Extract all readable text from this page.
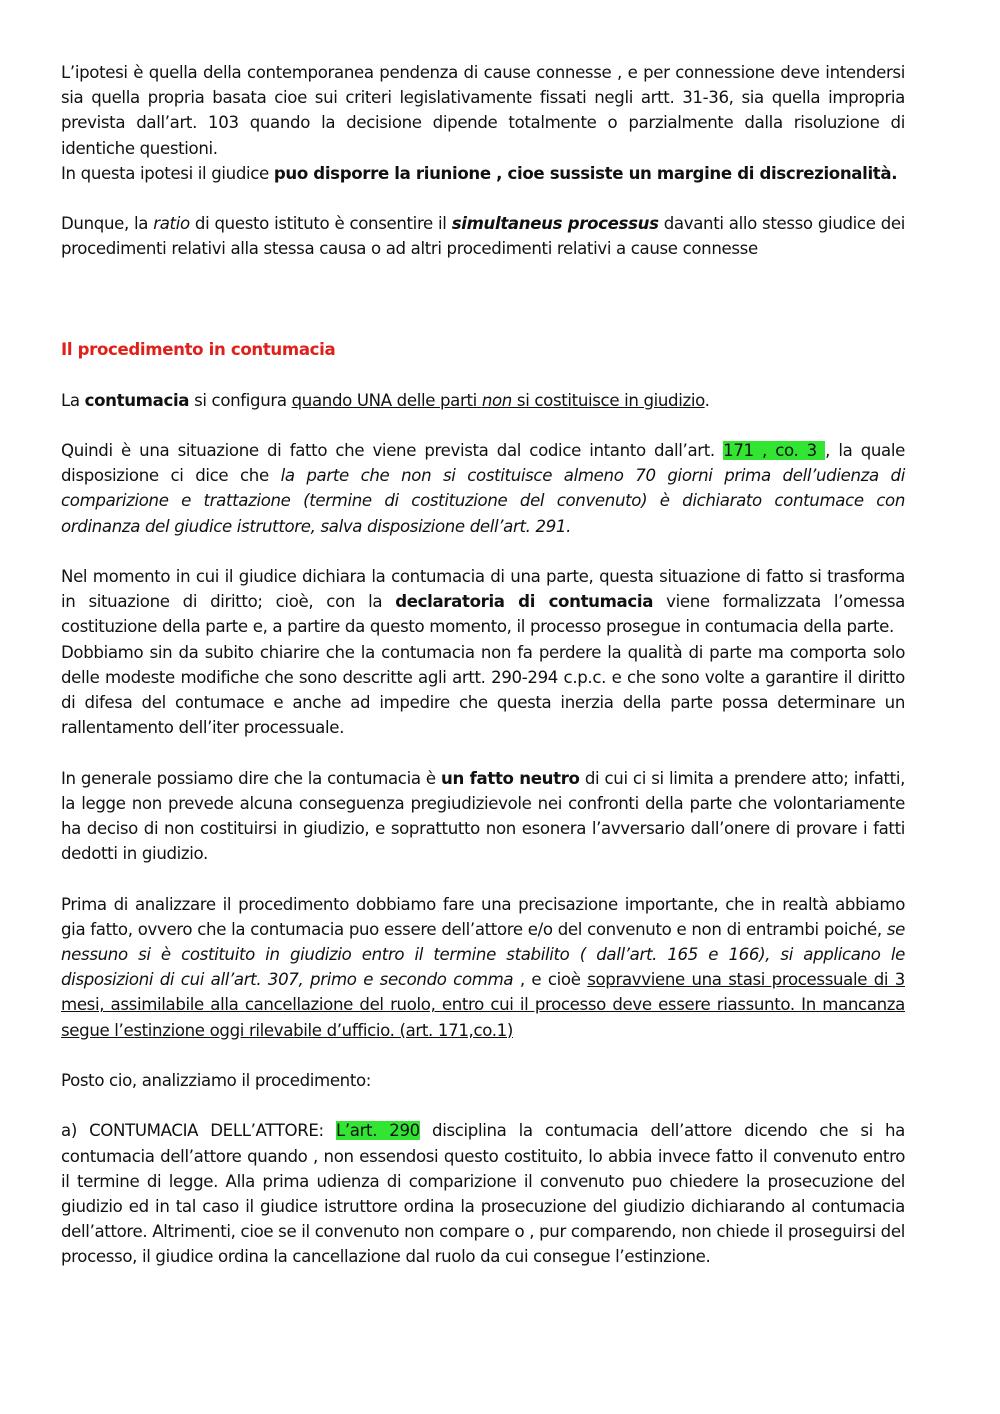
L’ipotesi è quella della contemporanea pendenza di cause connesse , e per connessione deve intendersi sia quella propria basata cioe sui criteri legislativamente fissati negli artt. 31-36, sia quella impropria prevista dall’art. 103 quando la decisione dipende totalmente o parzialmente dalla risoluzione di identiche questioni.

In questa ipotesi il giudice puo disporre la riunione , cioe sussiste un margine di discrezionalità.

Dunque, la ratio di questo istituto è consentire il simultaneus processus davanti allo stesso giudice dei procedimenti relativi alla stessa causa o ad altri procedimenti relativi a cause connesse

Il procedimento in contumacia

La contumacia si configura quando UNA delle parti non si costituisce in giudizio.

Quindi è una situazione di fatto che viene prevista dal codice intanto dall’art. 171 , co. 3 , la quale disposizione ci dice che la parte che non si costituisce almeno 70 giorni prima dell’udienza di comparizione e trattazione (termine di costituzione del convenuto) è dichiarato contumace con ordinanza del giudice istruttore, salva disposizione dell’art. 291.

Nel momento in cui il giudice dichiara la contumacia di una parte, questa situazione di fatto si trasforma in situazione di diritto; cioè, con la declaratoria di contumacia viene formalizzata l’omessa costituzione della parte e, a partire da questo momento, il processo prosegue in contumacia della parte.

Dobbiamo sin da subito chiarire che la contumacia non fa perdere la qualità di parte ma comporta solo delle modeste modifiche che sono descritte agli artt. 290-294 c.p.c. e che sono volte a garantire il diritto di difesa del contumace e anche ad impedire che questa inerzia della parte possa determinare un rallentamento dell’iter processuale.

In generale possiamo dire che la contumacia è un fatto neutro di cui ci si limita a prendere atto; infatti, la legge non prevede alcuna conseguenza pregiudizievole nei confronti della parte che volontariamente ha deciso di non costituirsi in giudizio, e soprattutto non esonera l’avversario dall’onere di provare i fatti dedotti in giudizio.

Prima di analizzare il procedimento dobbiamo fare una precisazione importante, che in realtà abbiamo gia fatto, ovvero che la contumacia puo essere dell’attore e/o del convenuto e non di entrambi poiché, se nessuno si è costituito in giudizio entro il termine stabilito ( dall’art. 165 e 166), si applicano le disposizioni di cui all’art. 307, primo e secondo comma , e cioè sopravviene una stasi processuale di 3 mesi, assimilabile alla cancellazione del ruolo, entro cui il processo deve essere riassunto. In mancanza segue l’estinzione oggi rilevabile d’ufficio. (art. 171,co.1)

Posto cio, analizziamo il procedimento:

a) CONTUMACIA DELL’ATTORE: L’art. 290 disciplina la contumacia dell’attore dicendo che si ha contumacia dell’attore quando , non essendosi questo costituito, lo abbia invece fatto il convenuto entro il termine di legge. Alla prima udienza di comparizione il convenuto puo chiedere la prosecuzione del giudizio ed in tal caso il giudice istruttore ordina la prosecuzione del giudizio dichiarando al contumacia dell’attore. Altrimenti, cioe se il convenuto non compare o , pur comparendo, non chiede il proseguirsi del processo, il giudice ordina la cancellazione dal ruolo da cui consegue l’estinzione.
